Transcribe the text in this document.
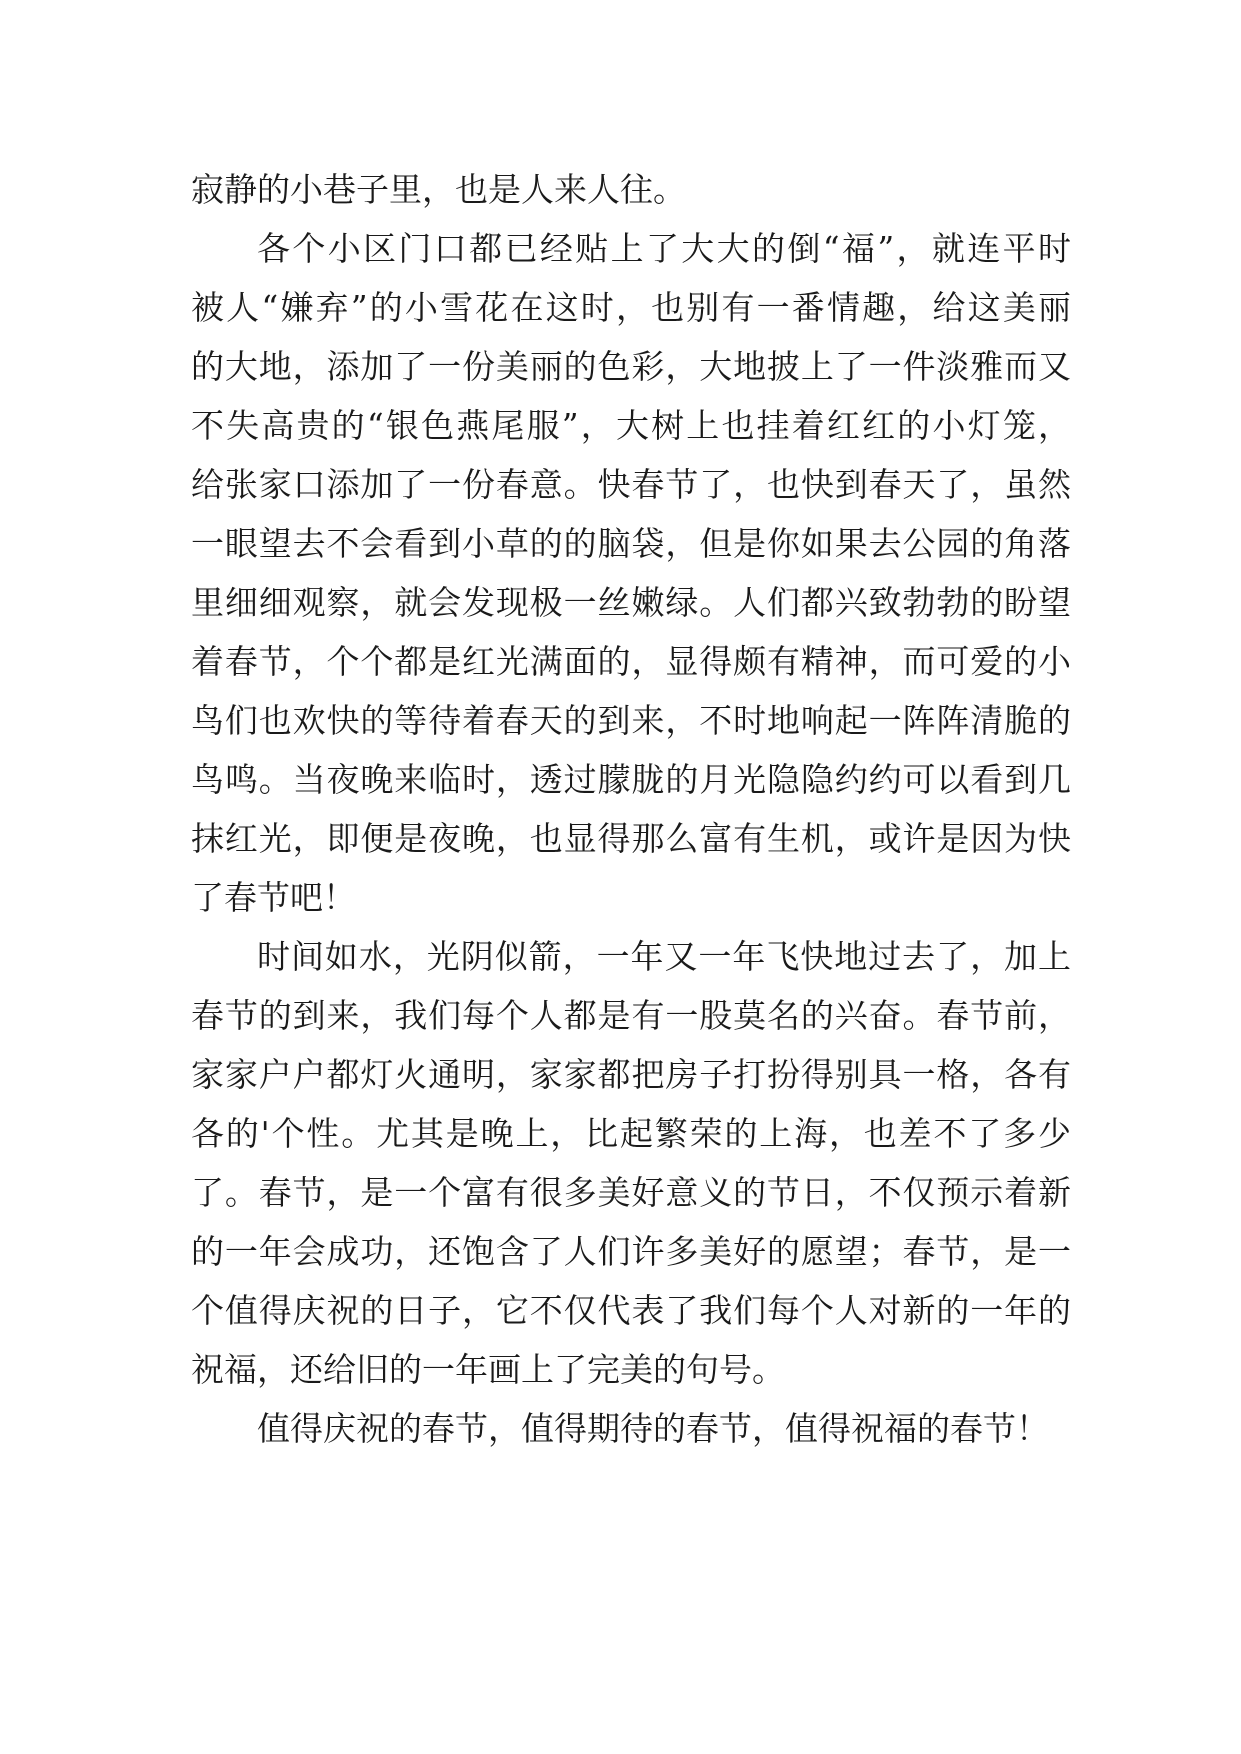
寂静的小巷子里，也是人来人往。
各个小区门口都已经贴上了大大的倒“福”，就连平时
被人“嫌弃”的小雪花在这时，也别有一番情趣，给这美丽
的大地，添加了一份美丽的色彩，大地披上了一件淡雅而又
不失高贵的“银色燕尾服”，大树上也挂着红红的小灯笼，
给张家口添加了一份春意。快春节了，也快到春天了，虽然
一眼望去不会看到小草的的脑袋，但是你如果去公园的角落
里细细观察，就会发现极一丝嫩绿。人们都兴致勃勃的盼望
着春节，个个都是红光满面的，显得颇有精神，而可爱的小
鸟们也欢快的等待着春天的到来，不时地响起一阵阵清脆的
鸟鸣。当夜晚来临时，透过朦胧的月光隐隐约约可以看到几
抹红光，即便是夜晚，也显得那么富有生机，或许是因为快
了春节吧！
时间如水，光阴似箭，一年又一年飞快地过去了，加上
春节的到来，我们每个人都是有一股莫名的兴奋。春节前，
家家户户都灯火通明，家家都把房子打扮得别具一格，各有
各的'个性。尤其是晚上，比起繁荣的上海，也差不了多少
了。春节，是一个富有很多美好意义的节日，不仅预示着新
的一年会成功，还饱含了人们许多美好的愿望；春节，是一
个值得庆祝的日子，它不仅代表了我们每个人对新的一年的
祝福，还给旧的一年画上了完美的句号。
值得庆祝的春节，值得期待的春节，值得祝福的春节！
